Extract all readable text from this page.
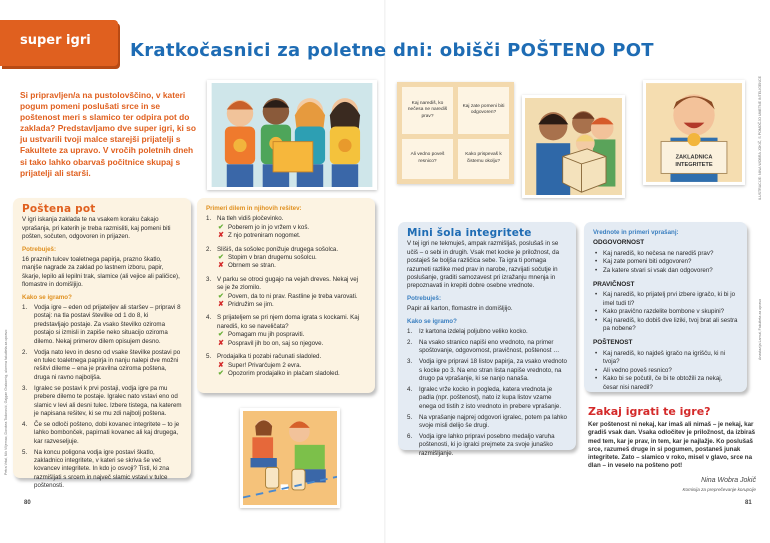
super igri Kratkočasnici za poletne dni: obišči POŠTENO POT
Si pripravljen/a na pustolovščino, v kateri pogum pomeni poslušati srce in se poštenost meri s slamico ter odpira pot do zaklada? Predstavljamo dve super igri, ki so ju ustvarili tvoji malce starejši prijatelji s Fakultete za upravo. V vročih poletnih dneh si tako lahko obarvaš počitnice skupaj s prijatelji ali starši.
Kaj narediš, ko nečesa ne narediš prav?
Kaj zate pomeni biti odgovoren?
Ali vedno poveš resnico?
Kako prispevaš k čistemu okolju?
ZAKLADNICA
INTEGRITETE
Poštena pot

V igri iskanja zaklada te na vsakem koraku čakajo vprašanja, pri katerih je treba razmisliti, kaj pomeni biti pošten, sočuten, odgovoren in prijazen.

Potrebuješ:

16 praznih tulcev toaletnega papirja, prazno škatlo, manjše nagrade za zaklad po lastnem izboru, papir, škarje, lepilo ali lepilni trak, slamice (ali vejice ali paličice), flomastre in domišljijo.

Kako se igramo?
1. Vodja igre – eden od prijateljev ali staršev – pripravi 8 postaj: na tla postavi številke od 1 do 8, ki predstavljajo postaje. Za vsako številko oziroma postajo si izmisli in zapiše neko situacijo oziroma dilemo. Nekaj primerov dilem opisujem desno.
2. Vodja nato levo in desno od vsake številke postavi po en tulec toaletnega papirja in nanju nalepi dve možni rešitvi dileme – ena je pravilna oziroma poštena, druga ni ravno najboljša.
3. Igralec se postavi k prvi postaji, vodja igre pa mu prebere dilemo te postaje. Igralec nato vstavi eno od slamic v levi ali desni tulec. Izbere tistega, na katerem je napisana rešitev, ki se mu zdi najbolj poštena.
4. Če se odloči pošteno, dobi kovanec integritete – to je lahko bombonček, papirnati kovanec ali kaj drugega, kar razveseljuje.
5. Na koncu poligona vodja igre postavi škatlo, zakladnico integritete, v kateri se skriva še več kovancev integritete. In kdo jo osvoji? Tisti, ki zna razmišljati s srcem in največ slamic vstavi v tulce poštenosti.
Primeri dilem in njihovih rešitev:
1. Na tleh vidiš pločevinko.
✔ Poberem jo in jo vržem v koš.
✘ Z njo potreniram nogomet.
2. Slišiš, da sošolec ponižuje drugega sošolca.
✔ Stopim v bran drugemu sošolcu.
✘ Obrnem se stran.
3. V parku se otroci gugajo na vejah dreves. Nekaj vej se je že zlomilo.
✔ Povem, da to ni prav. Rastline je treba varovati.
✘ Pridružim se jim.
4. S prijateljem se pri njem doma igrata s kockami. Kaj narediš, ko se naveličata?
✔ Pomagam mu jih pospraviti.
✘ Pospravil jih bo on, saj so njegove.
5. Prodajalka ti pozabi računati sladoled.
✘ Super! Privarčujem 2 evra.
✔ Opozorim prodajalko in plačam sladoled.
Mini šola integritete

V tej igri ne tekmuješ, ampak razmišljaš, poslušaš in se učiš – o sebi in drugih. Vsak met kocke je priložnost, da postaješ še boljša različica sebe. Ta igra ti pomaga razumeti razlike med prav in narobe, razvijati sočutje in poslušanje, graditi samozavest pri izražanju mnenja in prepoznavati in krepiti dobre osebne vrednote.

Potrebuješ:

Papir ali karton, flomastre in domišljijo.

Kako se igramo?
1. Iz kartona izdelaj poljubno veliko kocko.
2. Na vsako stranico napiši eno vrednoto, na primer spoštovanje, odgovornost, pravičnost, poštenost …
3. Vodja igre pripravi 18 listov papirja, za vsako vrednoto s kocke po 3. Na eno stran lista napiše vrednoto, na drugo pa vprašanje, ki se nanjo nanaša.
4. Igralec vrže kocko in pogleda, katera vrednota je padla (npr. poštenost), nato iz kupa listov vzame enega od tistih z isto vrednoto in prebere vprašanje.
5. Na vprašanje najprej odgovori igralec, potem pa lahko svoje misli delijo še drugi.
6. Vodja igre lahko pripravi posebno medaljo varuha poštenosti, ki jo igralci prejmete za svoje junaško razmišljanje.
Vrednote in primeri vprašanj:
ODGOVORNOST
• Kaj narediš, ko nečesa ne narediš prav?
• Kaj zate pomeni biti odgovoren?
• Za katere stvari si vsak dan odgovoren?
PRAVIČNOST
• Kaj narediš, ko prijatelj prvi izbere igračo, ki bi jo imel tudi ti?
• Kako pravično razdelite bombone v skupini?
• Kaj narediš, ko dobiš dve liziki, tvoj brat ali sestra pa nobene?
POŠTENOST
• Kaj narediš, ko najdeš igračo na igrišču, ki ni tvoja?
• Ali vedno poveš resnico?
• Kako bi se počutil, če bi te obtožili za nekaj, česar nisi naredil?
Zakaj igrati te igre?

Ker poštenost ni nekaj, kar imaš ali nimaš – je nekaj, kar gradiš vsak dan. Vsaka odločitev je priložnost, da izbiraš med tem, kar je prav, in tem, kar je najlažje. Ko poslušaš srce, razumeš druge in si pogumen, postaneš junak integritete. Zato – slamico v roko, misel v glavo, srce na dlan – in veselo na pošteno pot!

Nina Wobra Jokič
Komisija za preprečevanje korupcije
80	81
Petra Vrtal, Nik Viljemac, Dorotea Todorović, Gajgan Grabornig, ulomna fakulteta za upravo
ILUSTRACIJE: NINA WOBRA JOKIČ, S POMOČJO UMETNE INTELIGENCE
Anastazija Lamut, Fakulteta za upravo
